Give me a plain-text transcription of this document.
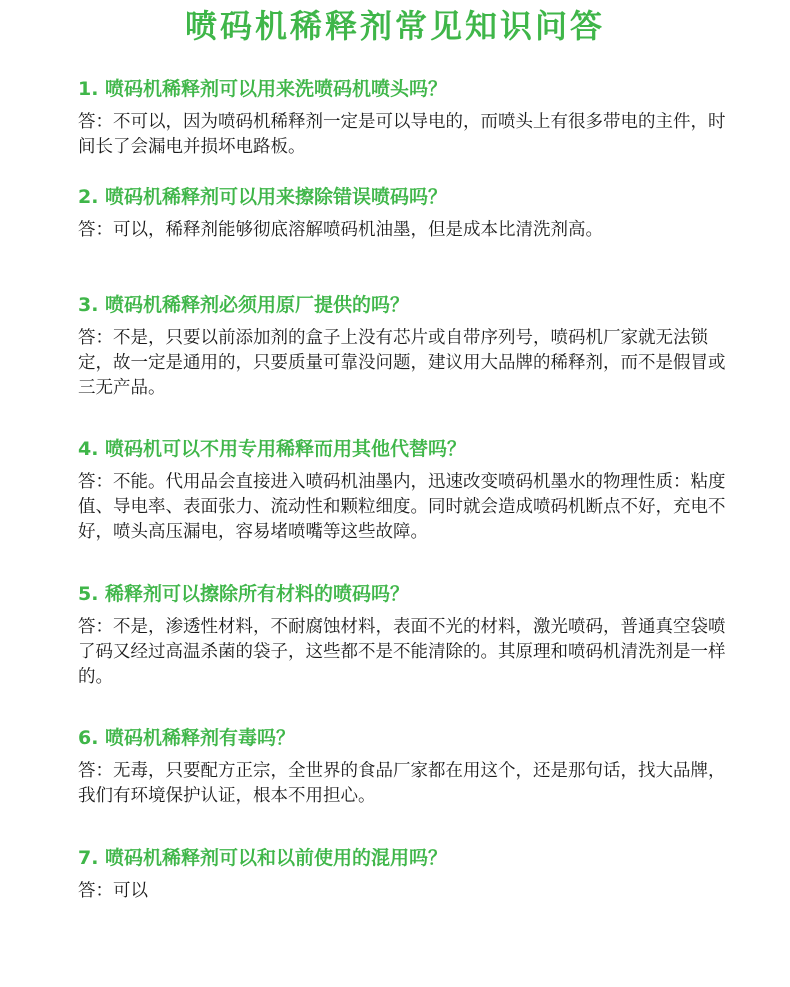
喷码机稀释剂常见知识问答
1. 喷码机稀释剂可以用来洗喷码机喷头吗？
答：不可以，因为喷码机稀释剂一定是可以导电的，而喷头上有很多带电的主件，时间长了会漏电并损坏电路板。
2. 喷码机稀释剂可以用来擦除错误喷码吗？
答：可以，稀释剂能够彻底溶解喷码机油墨，但是成本比清洗剂高。
3. 喷码机稀释剂必须用原厂提供的吗？
答：不是，只要以前添加剂的盒子上没有芯片或自带序列号，喷码机厂家就无法锁定，故一定是通用的，只要质量可靠没问题，建议用大品牌的稀释剂，而不是假冒或三无产品。
4. 喷码机可以不用专用稀释而用其他代替吗？
答：不能。代用品会直接进入喷码机油墨内，迅速改变喷码机墨水的物理性质：粘度值、导电率、表面张力、流动性和颗粒细度。同时就会造成喷码机断点不好，充电不好，喷头高压漏电，容易堵喷嘴等这些故障。
5. 稀释剂可以擦除所有材料的喷码吗？
答：不是，渗透性材料，不耐腐蚀材料，表面不光的材料，激光喷码，普通真空袋喷了码又经过高温杀菌的袋子，这些都不是不能清除的。其原理和喷码机清洗剂是一样的。
6. 喷码机稀释剂有毒吗？
答：无毒，只要配方正宗，全世界的食品厂家都在用这个，还是那句话，找大品牌，我们有环境保护认证，根本不用担心。
7. 喷码机稀释剂可以和以前使用的混用吗？
答：可以
